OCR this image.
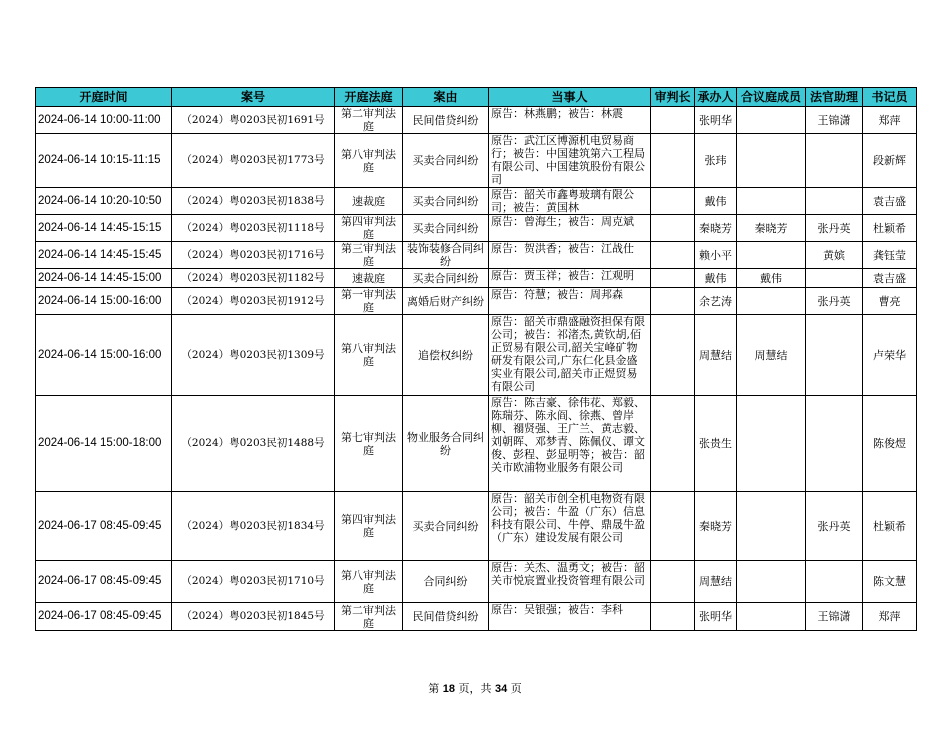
开庭时间	案号	开庭法庭	案由	当事人	审判长	承办人	合议庭成员	法官助理	书记员
2024-06-14 10:00-11:00	（2024）粤0203民初1691号	第二审判法庭	民间借贷纠纷	原告：林燕鹏；被告：林震		张明华		王锦潇	郑萍
2024-06-14 10:15-11:15	（2024）粤0203民初1773号	第八审判法庭	买卖合同纠纷	原告：武江区博源机电贸易商行；被告：中国建筑第六工程局有限公司、中国建筑股份有限公司		张玮			段新辉
2024-06-14 10:20-10:50	（2024）粤0203民初1838号	速裁庭	买卖合同纠纷	原告：韶关市鑫粤玻璃有限公司；被告：黄国林		戴伟			袁吉盛
2024-06-14 14:45-15:15	（2024）粤0203民初1118号	第四审判法庭	买卖合同纠纷	原告：曾海生；被告：周克斌		秦晓芳	秦晓芳	张丹英	杜颖希
2024-06-14 14:45-15:45	（2024）粤0203民初1716号	第三审判法庭	装饰装修合同纠纷	原告：贺洪香；被告：江战仕		赖小平		黄嫔	龚钰莹
2024-06-14 14:45-15:00	（2024）粤0203民初1182号	速裁庭	买卖合同纠纷	原告：贾玉祥；被告：江观明		戴伟	戴伟		袁吉盛
2024-06-14 15:00-16:00	（2024）粤0203民初1912号	第一审判法庭	离婚后财产纠纷	原告：符慧；被告：周邦森		余艺涛		张丹英	曹亮
2024-06-14 15:00-16:00	（2024）粤0203民初1309号	第八审判法庭	追偿权纠纷	原告：韶关市鼎盛融资担保有限公司；被告：祁渚杰,黄钦胡,佰正贸易有限公司,韶关宝峰矿物研发有限公司,广东仁化县金盛实业有限公司,韶关市正煜贸易有限公司		周慧结	周慧结		卢荣华
2024-06-14 15:00-18:00	（2024）粤0203民初1488号	第七审判法庭	物业服务合同纠纷	原告：陈吉豪、徐伟花、郑毅、陈瑞芬、陈永阎、徐燕、曾岸柳、禤贤强、王广兰、黄志毅、刘朝晖、邓梦青、陈佩仪、谭文俊、彭程、彭显明等；被告：韶关市欧浦物业服务有限公司		张贵生			陈俊煜
2024-06-17 08:45-09:45	（2024）粤0203民初1834号	第四审判法庭	买卖合同纠纷	原告：韶关市创全机电物资有限公司；被告：牛盈（广东）信息科技有限公司、牛停、鼎晟牛盈（广东）建设发展有限公司		秦晓芳		张丹英	杜颖希
2024-06-17 08:45-09:45	（2024）粤0203民初1710号	第八审判法庭	合同纠纷	原告：关杰、温勇文；被告：韶关市悦宸置业投资管理有限公司		周慧结			陈文慧
2024-06-17 08:45-09:45	（2024）粤0203民初1845号	第二审判法庭	民间借贷纠纷	原告：吴银强；被告：李科		张明华		王锦潇	郑萍
第 18 页，共 34 页
